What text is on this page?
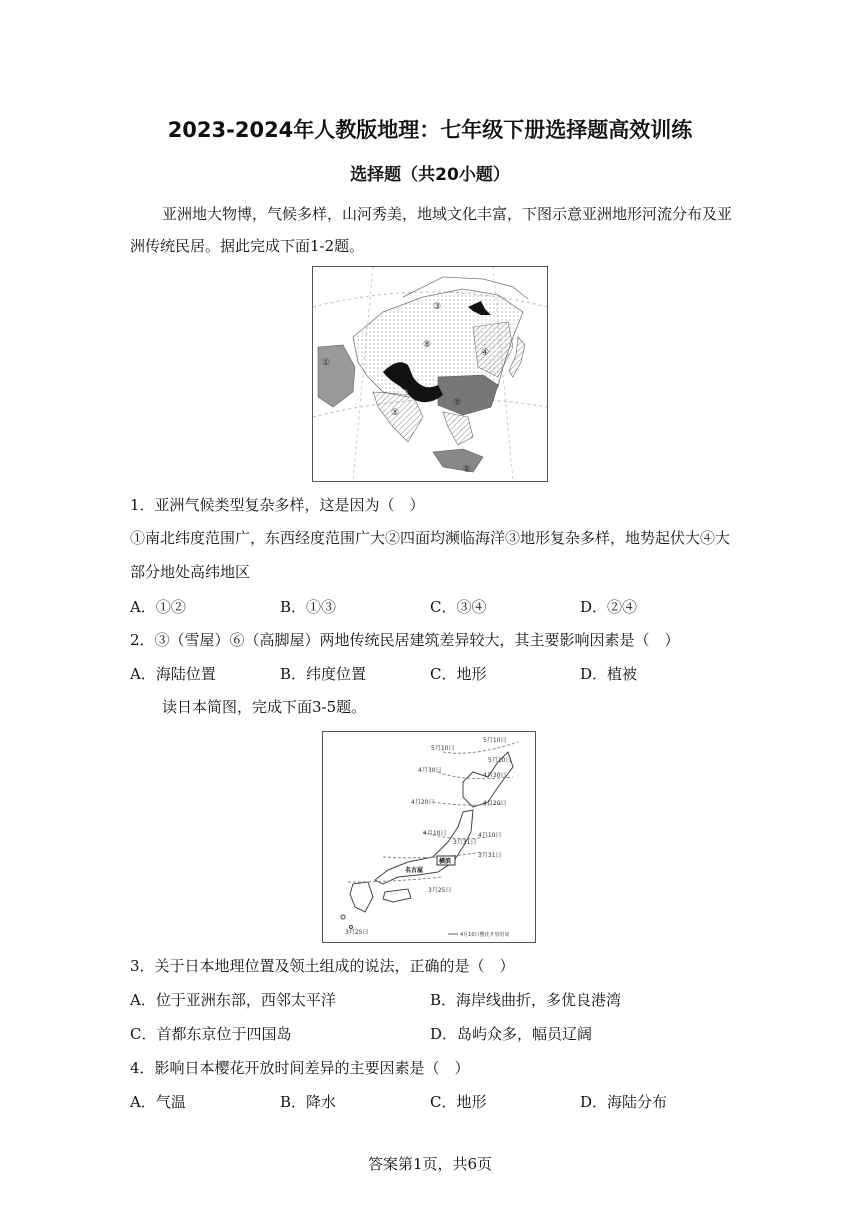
2023-2024年人教版地理：七年级下册选择题高效训练
选择题（共20小题）
亚洲地大物博，气候多样，山河秀美，地域文化丰富，下图示意亚洲地形河流分布及亚
洲传统民居。据此完成下面1-2题。
①
②
③
④
⑤
⑥
⑦
⑧
1．亚洲气候类型复杂多样，这是因为（　）
①南北纬度范围广，东西经度范围广大②四面均濒临海洋③地形复杂多样，地势起伏大④大
部分地处高纬地区
A．①②	B．①③	C．③④	D．②④
2．③（雪屋）⑥（高脚屋）两地传统民居建筑差异较大，其主要影响因素是（　）
A．海陆位置	B．纬度位置	C．地形	D．植被
读日本简图，完成下面3-5题。
5月10日
5月10日
5月10日
4月30日
4月30日
4月20日	4月20日
4月10日	4月10日
3月31日
3月31日
3月25日
3月25日
名古屋
横滨
4月10日樱花开放时间
3．关于日本地理位置及领土组成的说法，正确的是（　）
A．位于亚洲东部，西邻太平洋	B．海岸线曲折，多优良港湾
C．首都东京位于四国岛	D．岛屿众多，幅员辽阔
4．影响日本樱花开放时间差异的主要因素是（　）
A．气温	B．降水	C．地形	D．海陆分布
答案第1页，共6页
